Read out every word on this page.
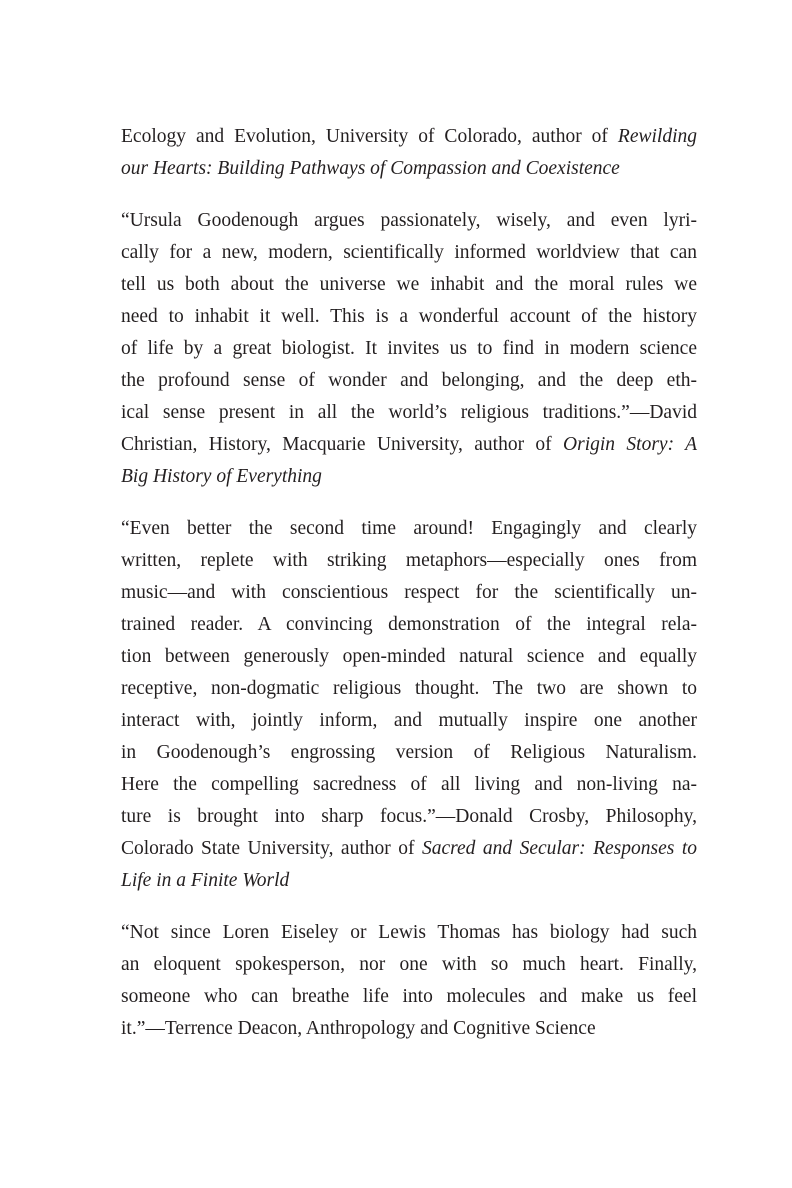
Ecology and Evolution, University of Colorado, author of Rewilding
our Hearts: Building Pathways of Compassion and Coexistence
“Ursula Goodenough argues passionately, wisely, and even lyri-
cally for a new, modern, scientifically informed worldview that can
tell us both about the universe we inhabit and the moral rules we
need to inhabit it well. This is a wonderful account of the history
of life by a great biologist. It invites us to find in modern science
the profound sense of wonder and belonging, and the deep eth-
ical sense present in all the world’s religious traditions.”—David
Christian, History, Macquarie University, author of Origin Story: A
Big History of Everything
“Even better the second time around! Engagingly and clearly
written, replete with striking metaphors—especially ones from
music—and with conscientious respect for the scientifically un-
trained reader. A convincing demonstration of the integral rela-
tion between generously open-minded natural science and equally
receptive, non-dogmatic religious thought. The two are shown to
interact with, jointly inform, and mutually inspire one another
in Goodenough’s engrossing version of Religious Naturalism.
Here the compelling sacredness of all living and non-living na-
ture is brought into sharp focus.”—Donald Crosby, Philosophy,
Colorado State University, author of Sacred and Secular: Responses to
Life in a Finite World
“Not since Loren Eiseley or Lewis Thomas has biology had such
an eloquent spokesperson, nor one with so much heart. Finally,
someone who can breathe life into molecules and make us feel
it.”—Terrence Deacon, Anthropology and Cognitive Science
